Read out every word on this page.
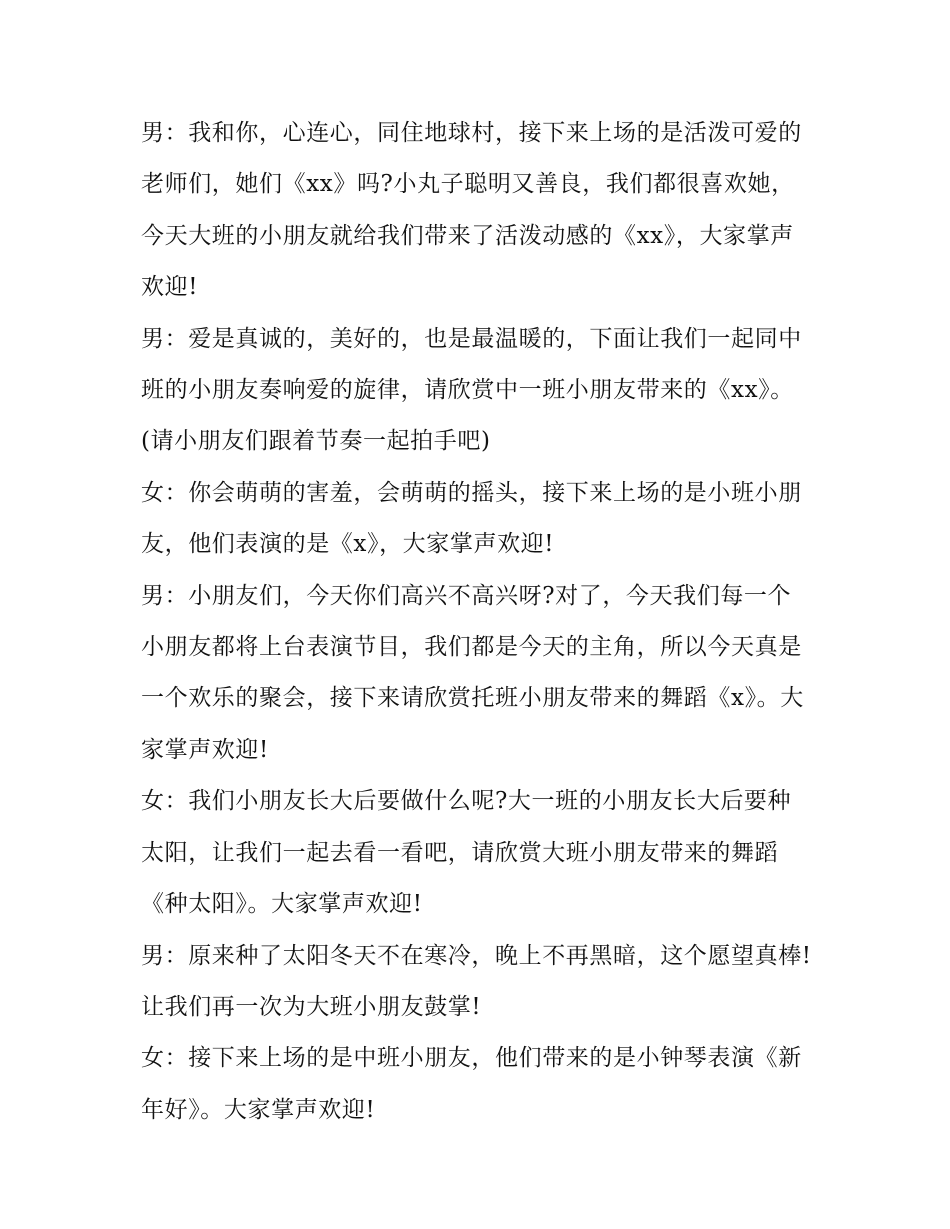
男：我和你，心连心，同住地球村，接下来上场的是活泼可爱的老师们，她们《xx》吗?小丸子聪明又善良，我们都很喜欢她，今天大班的小朋友就给我们带来了活泼动感的《xx》，大家掌声欢迎!

男：爱是真诚的，美好的，也是最温暖的，下面让我们一起同中班的小朋友奏响爱的旋律，请欣赏中一班小朋友带来的《xx》。(请小朋友们跟着节奏一起拍手吧)

女：你会萌萌的害羞，会萌萌的摇头，接下来上场的是小班小朋友，他们表演的是《x》，大家掌声欢迎!

男：小朋友们，今天你们高兴不高兴呀?对了，今天我们每一个小朋友都将上台表演节目，我们都是今天的主角，所以今天真是一个欢乐的聚会，接下来请欣赏托班小朋友带来的舞蹈《x》。大家掌声欢迎!

女：我们小朋友长大后要做什么呢?大一班的小朋友长大后要种太阳，让我们一起去看一看吧，请欣赏大班小朋友带来的舞蹈《种太阳》。大家掌声欢迎!

男：原来种了太阳冬天不在寒冷，晚上不再黑暗，这个愿望真棒!让我们再一次为大班小朋友鼓掌!

女：接下来上场的是中班小朋友，他们带来的是小钟琴表演《新年好》。大家掌声欢迎!
